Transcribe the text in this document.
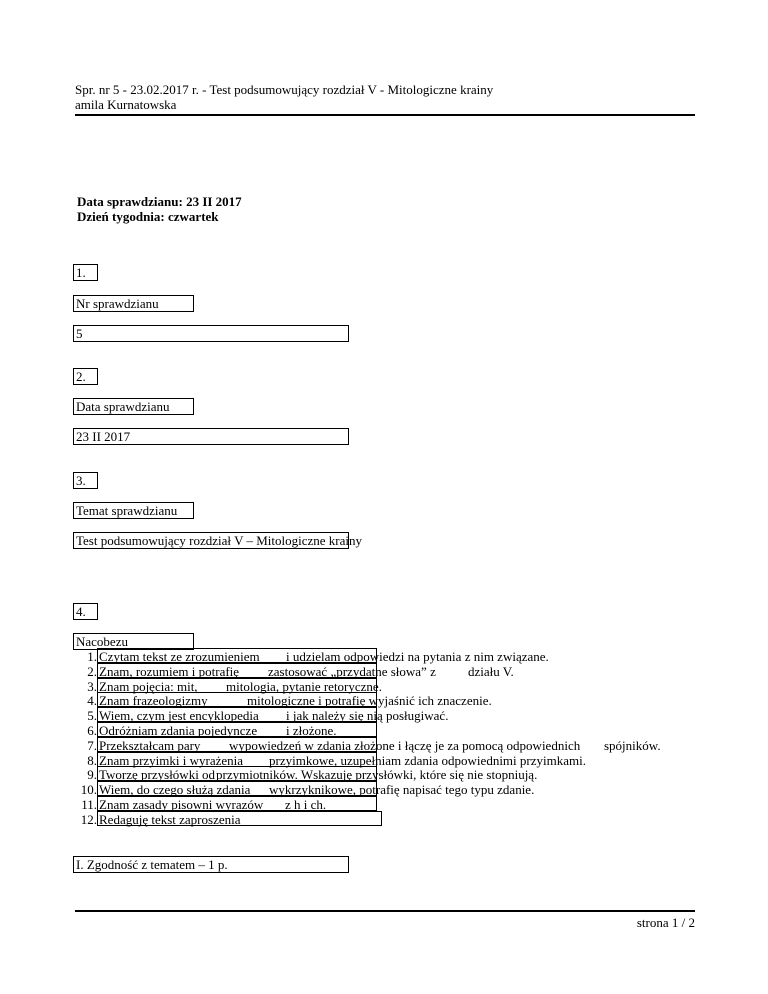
Spr. nr 5 - 23.02.2017 r. - Test podsumowujący rozdział V - Mitologiczne krainy
amila Kurnatowska
Data sprawdzianu: 23 II 2017
Dzień tygodnia: czwartek
1.
Nr sprawdzianu
5
2.
Data sprawdzianu
23 II 2017
3.
Temat sprawdzianu
Test podsumowujący rozdział V – Mitologiczne krainy
4.
Nacobezu
1. Czytam tekst ze zrozumieniem i udzielam odpowiedzi na pytania z nim związane.
2. Znam, rozumiem i potrafię zastosować „przydatne słowa” z działu V.
3. Znam pojęcia: mit, mitologia, pytanie retoryczne.
4. Znam frazeologizmy	mitologiczne i potrafię wyjaśnić ich znaczenie.
5. Wiem, czym jest encyklopedia i jak należy się nią posługiwać.
6. Odróżniam zdania pojedyncze i złożone.
7. Przekształcam pary wypowiedzeń w zdania złożone i łączę je za pomocą odpowiednich spójników.
8. Znam przyimki i wyrażenia przyimkowe, uzupełniam zdania odpowiednimi przyimkami.
9. Tworzę przysłówki od przymiotników. Wskazuję przysłówki, które się nie stopniują.
10. Wiem, do czego służą zdania wykrzyknikowe, potrafię napisać tego typu zdanie.
11. Znam zasady pisowni wyrazów z h i ch.
12. Redaguję tekst zaproszenia
I. Zgodność z tematem – 1 p.
strona 1 / 2
